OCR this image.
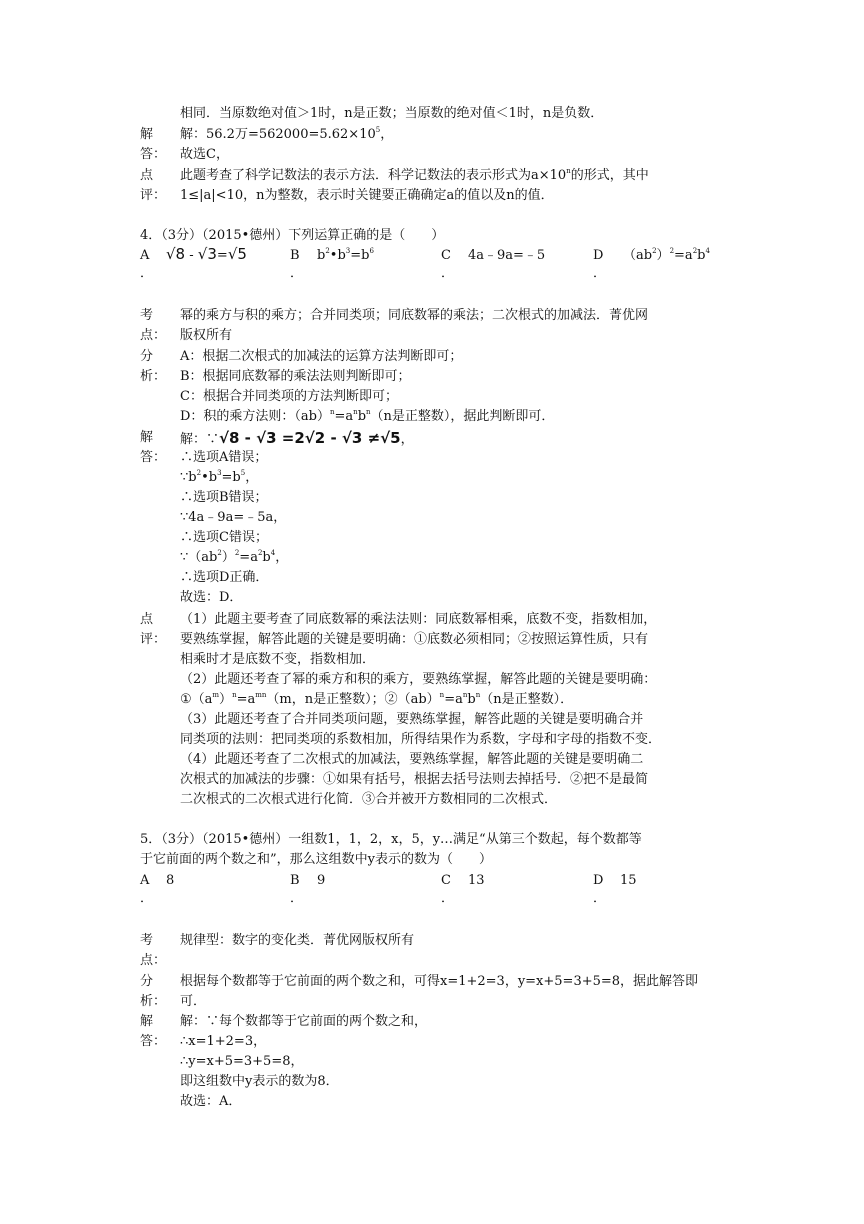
相同．当原数绝对值＞1时，n是正数；当原数的绝对值＜1时，n是负数．
解
答：
解：56.2万$=562000=5.62\times 10^5$，
故选C，
点
评：
此题考查了科学记数法的表示方法．科学记数法的表示形式为$a\times 10^n$的形式，其中
1≤|a|<10，n为整数，表示时关键要正确确定a的值以及n的值．
4．（3分）（2015•德州）下列运算正确的是（　　）
A √8 - √3=√5
．
B $b^2•b^3=b^6$
．
C 4a﹣9a=﹣5
．
D $(ab^2)^2=a^2b^4$
．
考
点：
幂的乘方与积的乘方；合并同类项；同底数幂的乘法；二次根式的加减法．菁优网
版权所有
分
析：
A：根据二次根式的加减法的运算方法判断即可；
B：根据同底数幂的乘法法则判断即可；
C：根据合并同类项的方法判断即可；
D：积的乘方法则：$(ab)^n=a^nb^n(n$是正整数），据此判断即可．
解
答：
解：∵√8 - √3 =2√2 - √3 ≠√5，
∴选项A错误；
$\because b^2•b^3=b^5$，
∴选项B错误；
∵4a﹣9a=﹣5a，
∴选项C错误；
$\because(ab^2)^2=a^2b^4$，
∴选项D正确．
故选：D．
点
评：
（1）此题主要考查了同底数幂的乘法法则：同底数幂相乘，底数不变，指数相加，
要熟练掌握，解答此题的关键是要明确：①底数必须相同；②按照运算性质，只有
相乘时才是底数不变，指数相加．
（2）此题还考查了幂的乘方和积的乘方，要熟练掌握，解答此题的关键是要明确：
$①(a^m)^n=a^{mn}(m$，n是正整数）；$②(ab)^n=a^nb^n(n$是正整数）．
（3）此题还考查了合并同类项问题，要熟练掌握，解答此题的关键是要明确合并
同类项的法则：把同类项的系数相加，所得结果作为系数，字母和字母的指数不变．
（4）此题还考查了二次根式的加减法，要熟练掌握，解答此题的关键是要明确二
次根式的加减法的步骤：①如果有括号，根据去括号法则去掉括号．②把不是最简
二次根式的二次根式进行化简．③合并被开方数相同的二次根式．
5．（3分）（2015•德州）一组数1，1，2，x，5，y…满足“从第三个数起，每个数都等
于它前面的两个数之和”，那么这组数中y表示的数为（　　）
A 8
．
B 9
．
C 13
．
D 15
．
考
点：
规律型：数字的变化类．菁优网版权所有
分
析：
根据每个数都等于它前面的两个数之和，可得x=1+2=3，y=x+5=3+5=8，据此解答即
可．
解
答：
解：∵每个数都等于它前面的两个数之和，
∴x=1+2=3，
∴y=x+5=3+5=8，
即这组数中y表示的数为8．
故选：A．
